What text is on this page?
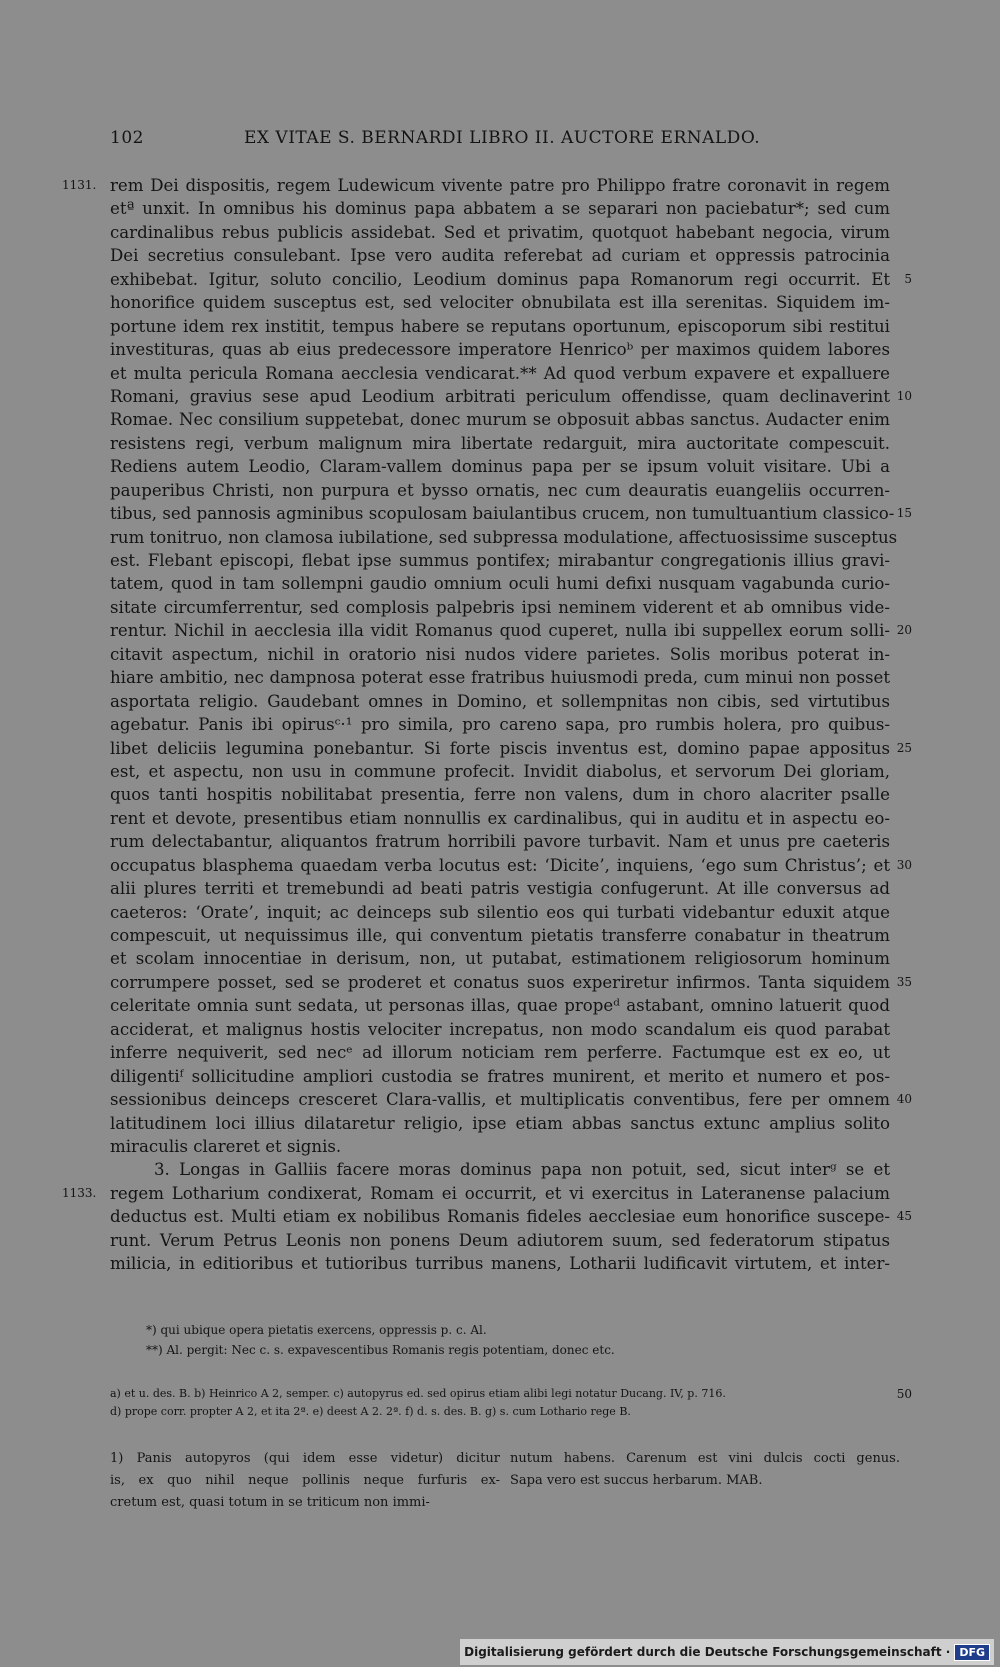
102	EX VITAE S. BERNARDI LIBRO II. AUCTORE ERNALDO.
1131. rem Dei dispositis, regem Ludewicum vivente patre pro Philippo fratre coronavit in regem
etª unxit. In omnibus his dominus papa abbatem a se separari non paciebatur*; sed cum
cardinalibus rebus publicis assidebat. Sed et privatim, quotquot habebant negocia, virum
Dei secretius consulebant. Ipse vero audita referebat ad curiam et oppressis patrocinia
exhibebat. Igitur, soluto concilio, Leodium dominus papa Romanorum regi occurrit. Et 5
honorifice quidem susceptus est, sed velociter obnubilata est illa serenitas. Siquidem im-
portune idem rex institit, tempus habere se reputans oportunum, episcoporum sibi restitui
investituras, quas ab eius predecessore imperatore Henricoᵇ per maximos quidem labores
et multa pericula Romana aecclesia vendicarat.** Ad quod verbum expavere et expalluere
Romani, gravius sese apud Leodium arbitrati periculum offendisse, quam declinaverint 10
Romae. Nec consilium suppetebat, donec murum se obposuit abbas sanctus. Audacter enim
resistens regi, verbum malignum mira libertate redarguit, mira auctoritate compescuit.
Rediens autem Leodio, Claram-vallem dominus papa per se ipsum voluit visitare. Ubi a
pauperibus Christi, non purpura et bysso ornatis, nec cum deauratis euangeliis occurren-
tibus, sed pannosis agminibus scopulosam baiulantibus crucem, non tumultuantium classico- 15
rum tonitruo, non clamosa iubilatione, sed subpressa modulatione, affectuosissime susceptus
est. Flebant episcopi, flebat ipse summus pontifex; mirabantur congregationis illius gravi-
tatem, quod in tam sollempni gaudio omnium oculi humi defixi nusquam vagabunda curio-
sitate circumferrentur, sed complosis palpebris ipsi neminem viderent et ab omnibus vide-
rentur. Nichil in aecclesia illa vidit Romanus quod cuperet, nulla ibi suppellex eorum solli- 20
citavit aspectum, nichil in oratorio nisi nudos videre parietes. Solis moribus poterat in-
hiare ambitio, nec dampnosa poterat esse fratribus huiusmodi preda, cum minui non posset
asportata religio. Gaudebant omnes in Domino, et sollempnitas non cibis, sed virtutibus
agebatur. Panis ibi opirusᶜ·¹ pro simila, pro careno sapa, pro rumbis holera, pro quibus-
libet deliciis legumina ponebantur. Si forte piscis inventus est, domino papae appositus 25
est, et aspectu, non usu in commune profecit. Invidit diabolus, et servorum Dei gloriam,
quos tanti hospitis nobilitabat presentia, ferre non valens, dum in choro alacriter psalle
rent et devote, presentibus etiam nonnullis ex cardinalibus, qui in auditu et in aspectu eo-
rum delectabantur, aliquantos fratrum horribili pavore turbavit. Nam et unus pre caeteris
occupatus blasphema quaedam verba locutus est: ‘Dicite’, inquiens, ‘ego sum Christus’; et 30
alii plures territi et tremebundi ad beati patris vestigia confugerunt. At ille conversus ad
caeteros: ‘Orate’, inquit; ac deinceps sub silentio eos qui turbati videbantur eduxit atque
compescuit, ut nequissimus ille, qui conventum pietatis transferre conabatur in theatrum
et scolam innocentiae in derisum, non, ut putabat, estimationem religiosorum hominum
corrumpere posset, sed se proderet et conatus suos experiretur infirmos. Tanta siquidem 35
celeritate omnia sunt sedata, ut personas illas, quae propeᵈ astabant, omnino latuerit quod
acciderat, et malignus hostis velociter increpatus, non modo scandalum eis quod parabat
inferre nequiverit, sed necᵉ ad illorum noticiam rem perferre. Factumque est ex eo, ut
diligentiᶠ sollicitudine ampliori custodia se fratres munirent, et merito et numero et pos-
sessionibus deinceps cresceret Clara-vallis, et multiplicatis conventibus, fere per omnem 40
latitudinem loci illius dilataretur religio, ipse etiam abbas sanctus extunc amplius solito
miraculis clareret et signis.
3. Longas in Galliis facere moras dominus papa non potuit, sed, sicut interᵍ se et
1133. regem Lotharium condixerat, Romam ei occurrit, et vi exercitus in Lateranense palacium
deductus est. Multi etiam ex nobilibus Romanis fideles aecclesiae eum honorifice suscepe- 45
runt. Verum Petrus Leonis non ponens Deum adiutorem suum, sed federatorum stipatus
milicia, in editioribus et tutioribus turribus manens, Lotharii ludificavit virtutem, et inter-
*) qui ubique opera pietatis exercens, oppressis p. c. Al.
**) Al. pergit: Nec c. s. expavescentibus Romanis regis potentiam, donec etc.
a) et u. des. B. b) Heinrico A 2, semper. c) autopyrus ed. sed opirus etiam alibi legi notatur Ducang. IV, p. 716.	50
d) prope corr. propter A 2, et ita 2ª. e) deest A 2. 2ª. f) d. s. des. B. g) s. cum Lothario rege B.
1) Panis autopyros (qui idem esse videtur) dicitur
is, ex quo nihil neque pollinis neque furfuris ex-
cretum est, quasi totum in se triticum non immi-
nutum habens. Carenum est vini dulcis cocti genus.
Sapa vero est succus herbarum. MAB.
Digitalisierung gefördert durch die Deutsche Forschungsgemeinschaft · DFG
